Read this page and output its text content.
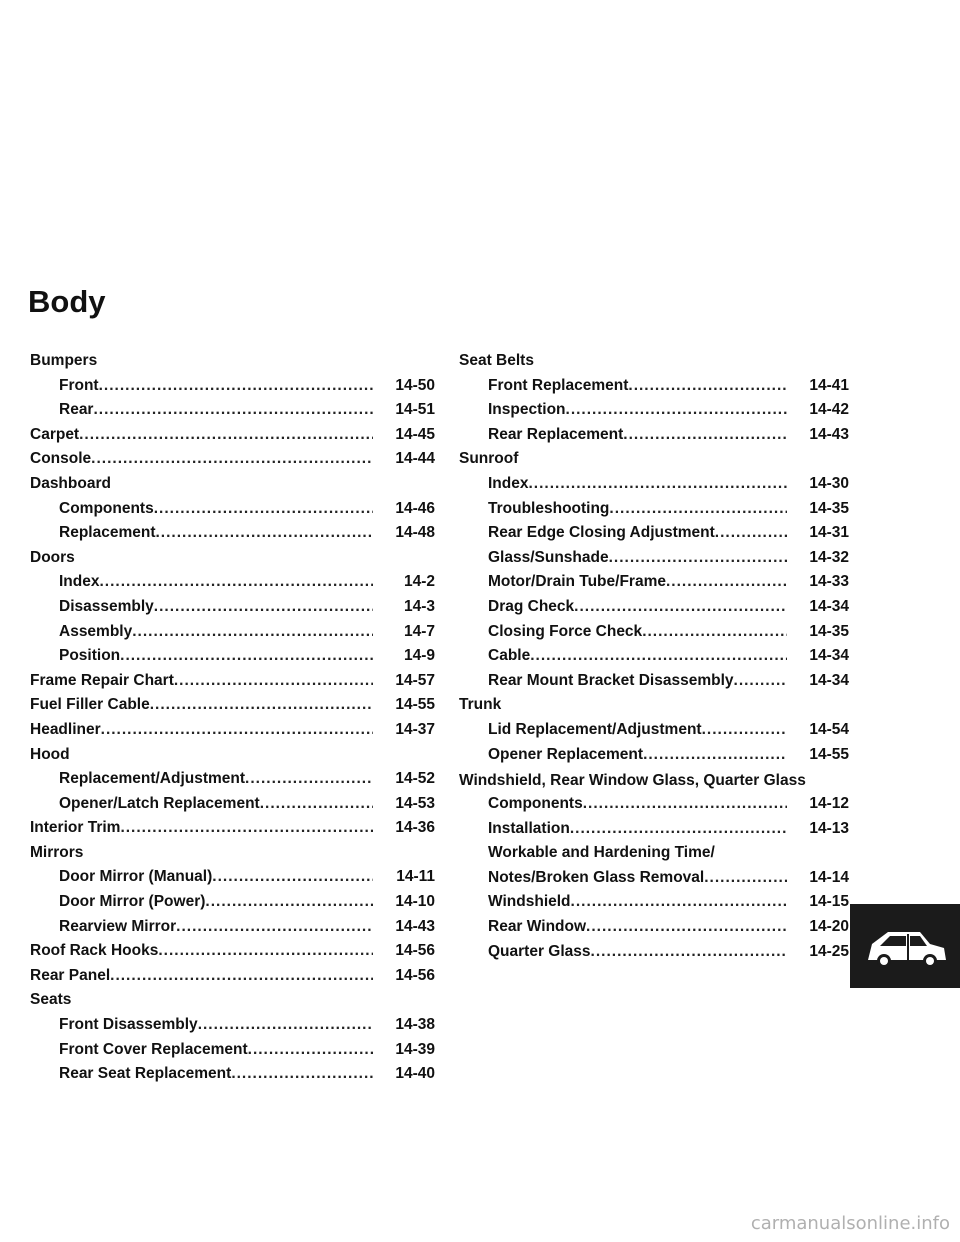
Body
Bumpers
Front .....	14-50
Rear .....	14-51
Carpet .....	14-45
Console .....	14-44
Dashboard
Components .....	14-46
Replacement .....	14-48
Doors
Index .....	14-2
Disassembly .....	14-3
Assembly .....	14-7
Position .....	14-9
Frame Repair Chart .....	14-57
Fuel Filler Cable .....	14-55
Headliner .....	14-37
Hood
Replacement/Adjustment .....	14-52
Opener/Latch Replacement .....	14-53
Interior Trim .....	14-36
Mirrors
Door Mirror (Manual) .....	14-11
Door Mirror (Power) .....	14-10
Rearview Mirror .....	14-43
Roof Rack Hooks .....	14-56
Rear Panel .....	14-56
Seats
Front Disassembly .....	14-38
Front Cover Replacement .....	14-39
Rear Seat Replacement .....	14-40
Seat Belts
Front Replacement .....	14-41
Inspection .....	14-42
Rear Replacement .....	14-43
Sunroof
Index .....	14-30
Troubleshooting .....	14-35
Rear Edge Closing Adjustment .....	14-31
Glass/Sunshade .....	14-32
Motor/Drain Tube/Frame .....	14-33
Drag Check .....	14-34
Closing Force Check .....	14-35
Cable .....	14-34
Rear Mount Bracket Disassembly .....	14-34
Trunk
Lid Replacement/Adjustment .....	14-54
Opener Replacement .....	14-55
Windshield, Rear Window Glass, Quarter Glass
Components .....	14-12
Installation .....	14-13
Workable and Hardening Time/
Notes/Broken Glass Removal .....	14-14
Windshield .....	14-15
Rear Window .....	14-20
Quarter Glass .....	14-25
carmanualsonline.info
